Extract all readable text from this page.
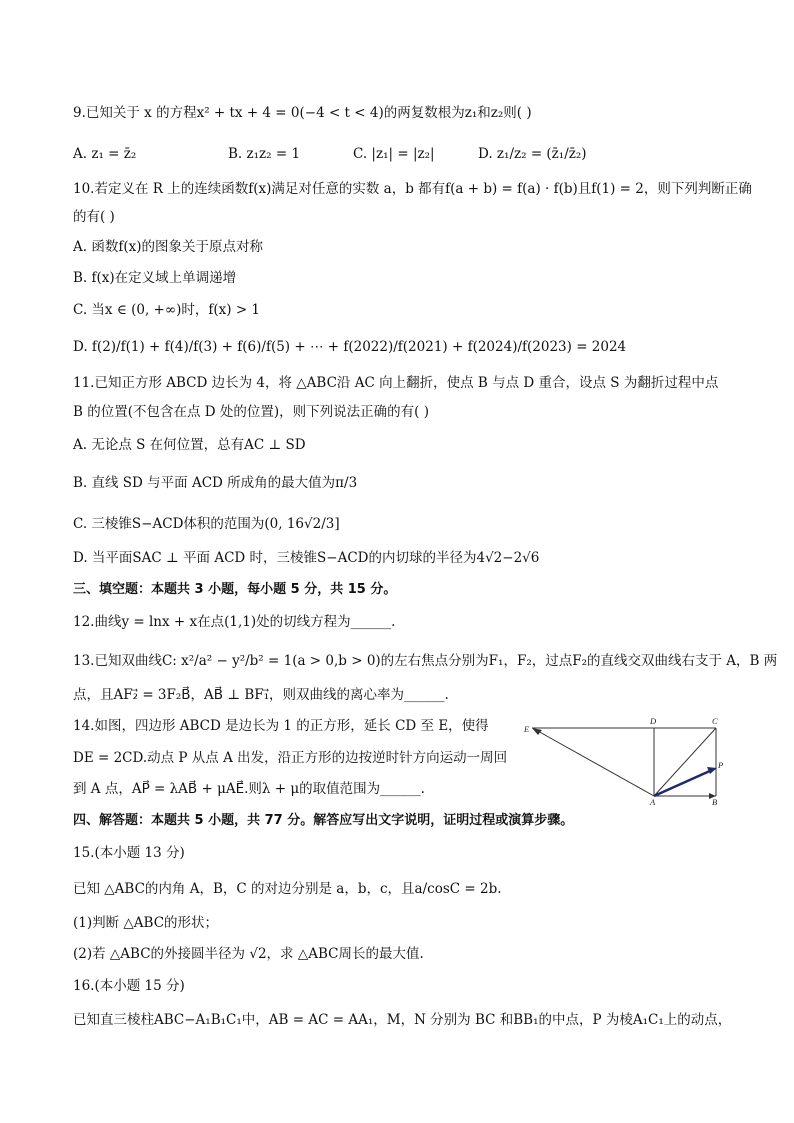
9.已知关于 x 的方程x² + tx + 4 = 0(−4 < t < 4)的两复数根为z₁和z₂则( )
A. z₁ = z̄₂	B. z₁z₂ = 1	C. |z₁| = |z₂|	D. z₁/z₂ = (z̄₁/z̄₂)
10.若定义在 R 上的连续函数f(x)满足对任意的实数 a，b 都有f(a + b) = f(a) · f(b)且f(1) = 2，则下列判断正确
的有( )
A. 函数f(x)的图象关于原点对称
B. f(x)在定义域上单调递增
C. 当x ∈ (0, +∞)时，f(x) > 1
D. f(2)/f(1) + f(4)/f(3) + f(6)/f(5) + ⋯ + f(2022)/f(2021) + f(2024)/f(2023) = 2024
11.已知正方形 ABCD 边长为 4，将 △ABC沿 AC 向上翻折，使点 B 与点 D 重合，设点 S 为翻折过程中点
B 的位置(不包含在点 D 处的位置)，则下列说法正确的有( )
A. 无论点 S 在何位置，总有AC ⊥ SD
B. 直线 SD 与平面 ACD 所成角的最大值为π/3
C. 三棱锥S−ACD体积的范围为(0, 16√2/3]
D. 当平面SAC ⊥ 平面 ACD 时，三棱锥S−ACD的内切球的半径为4√2−2√6
三、填空题：本题共 3 小题，每小题 5 分，共 15 分。
12.曲线y = lnx + x在点(1,1)处的切线方程为______.
13.已知双曲线C: x²/a² − y²/b² = 1(a > 0,b > 0)的左右焦点分别为F₁，F₂，过点F₂的直线交双曲线右支于 A，B 两
点，且AF₂⃗ = 3F₂B⃗，AB⃗ ⊥ BF₁⃗，则双曲线的离心率为______.
14.如图，四边形 ABCD 是边长为 1 的正方形，延长 CD 至 E，使得
DE = 2CD.动点 P 从点 A 出发，沿正方形的边按逆时针方向运动一周回
到 A 点，AP⃗ = λAB⃗ + μAE⃗.则λ + μ的取值范围为______.
E
D	C
P
A	B
四、解答题：本题共 5 小题，共 77 分。解答应写出文字说明，证明过程或演算步骤。
15.(本小题 13 分)
已知 △ABC的内角 A，B，C 的对边分别是 a，b，c，且a/cosC = 2b.
(1)判断 △ABC的形状；
(2)若 △ABC的外接圆半径为 √2，求 △ABC周长的最大值.
16.(本小题 15 分)
已知直三棱柱ABC−A₁B₁C₁中，AB = AC = AA₁，M，N 分别为 BC 和BB₁的中点，P 为棱A₁C₁上的动点，
